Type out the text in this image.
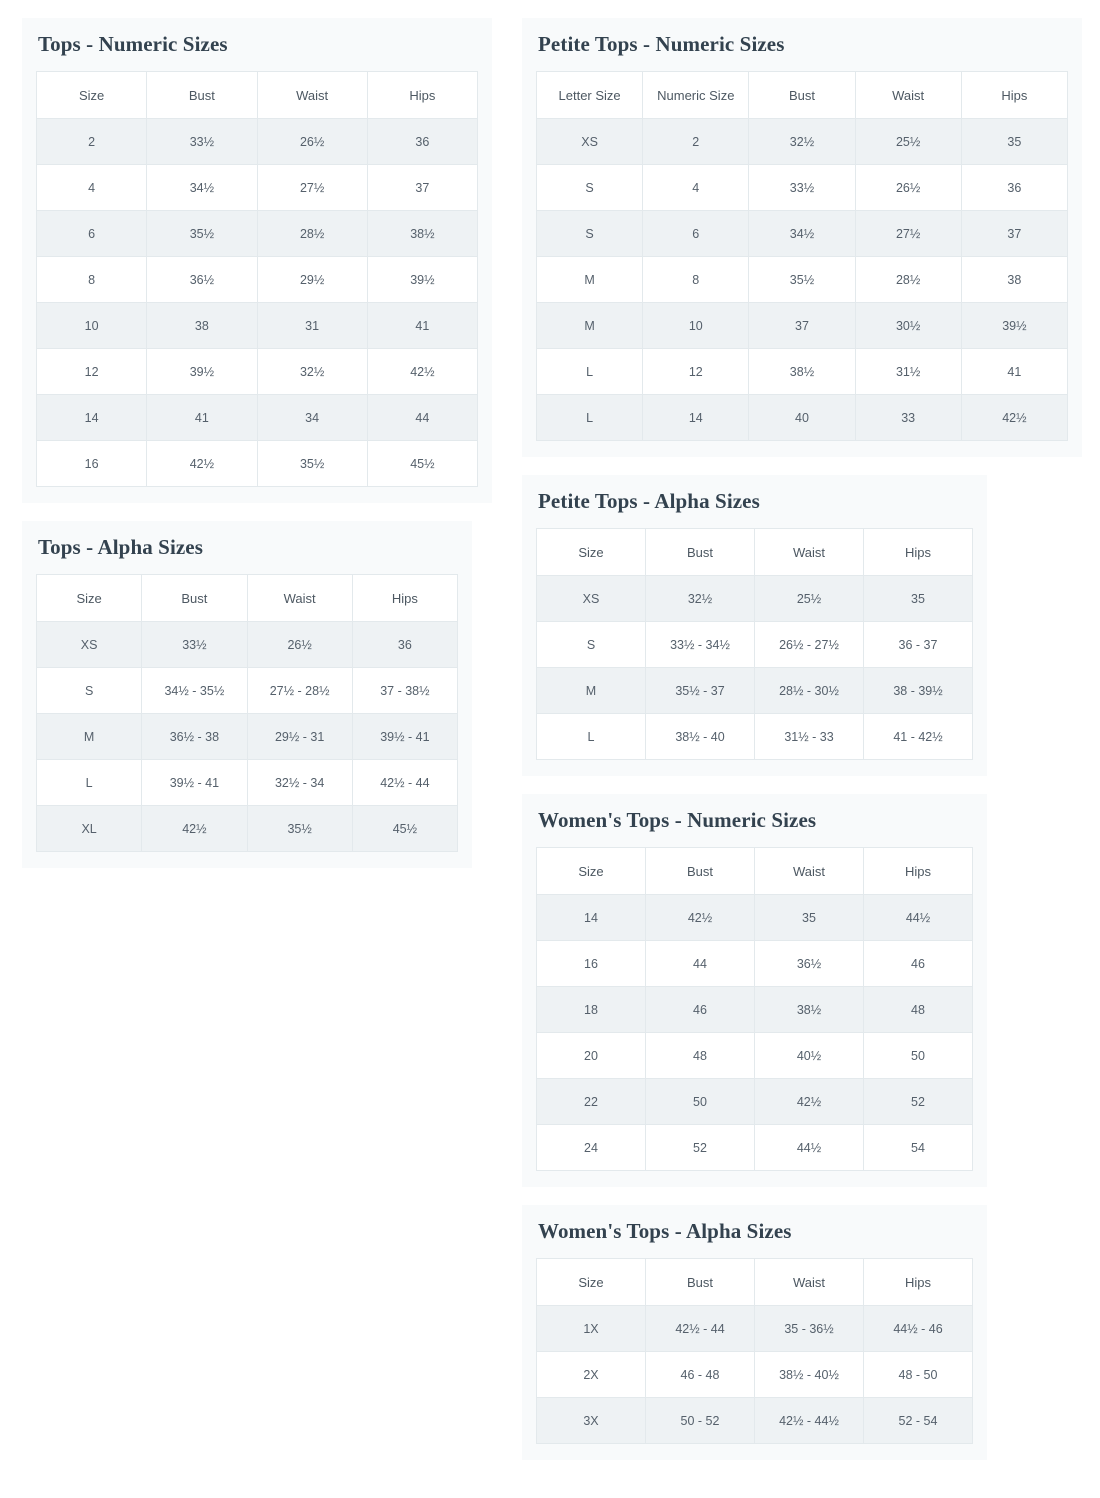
Tops - Numeric Sizes
Size	Bust	Waist	Hips
2	33½	26½	36
4	34½	27½	37
6	35½	28½	38½
8	36½	29½	39½
10	38	31	41
12	39½	32½	42½
14	41	34	44
16	42½	35½	45½
Tops - Alpha Sizes
Size	Bust	Waist	Hips
XS	33½	26½	36
S	34½ - 35½	27½ - 28½	37 - 38½
M	36½ - 38	29½ - 31	39½ - 41
L	39½ - 41	32½ - 34	42½ - 44
XL	42½	35½	45½
Petite Tops - Numeric Sizes
Letter Size	Numeric Size	Bust	Waist	Hips
XS	2	32½	25½	35
S	4	33½	26½	36
S	6	34½	27½	37
M	8	35½	28½	38
M	10	37	30½	39½
L	12	38½	31½	41
L	14	40	33	42½
Petite Tops - Alpha Sizes
Size	Bust	Waist	Hips
XS	32½	25½	35
S	33½ - 34½	26½ - 27½	36 - 37
M	35½ - 37	28½ - 30½	38 - 39½
L	38½ - 40	31½ - 33	41 - 42½
Women's Tops - Numeric Sizes
Size	Bust	Waist	Hips
14	42½	35	44½
16	44	36½	46
18	46	38½	48
20	48	40½	50
22	50	42½	52
24	52	44½	54
Women's Tops - Alpha Sizes
Size	Bust	Waist	Hips
1X	42½ - 44	35 - 36½	44½ - 46
2X	46 - 48	38½ - 40½	48 - 50
3X	50 - 52	42½ - 44½	52 - 54
